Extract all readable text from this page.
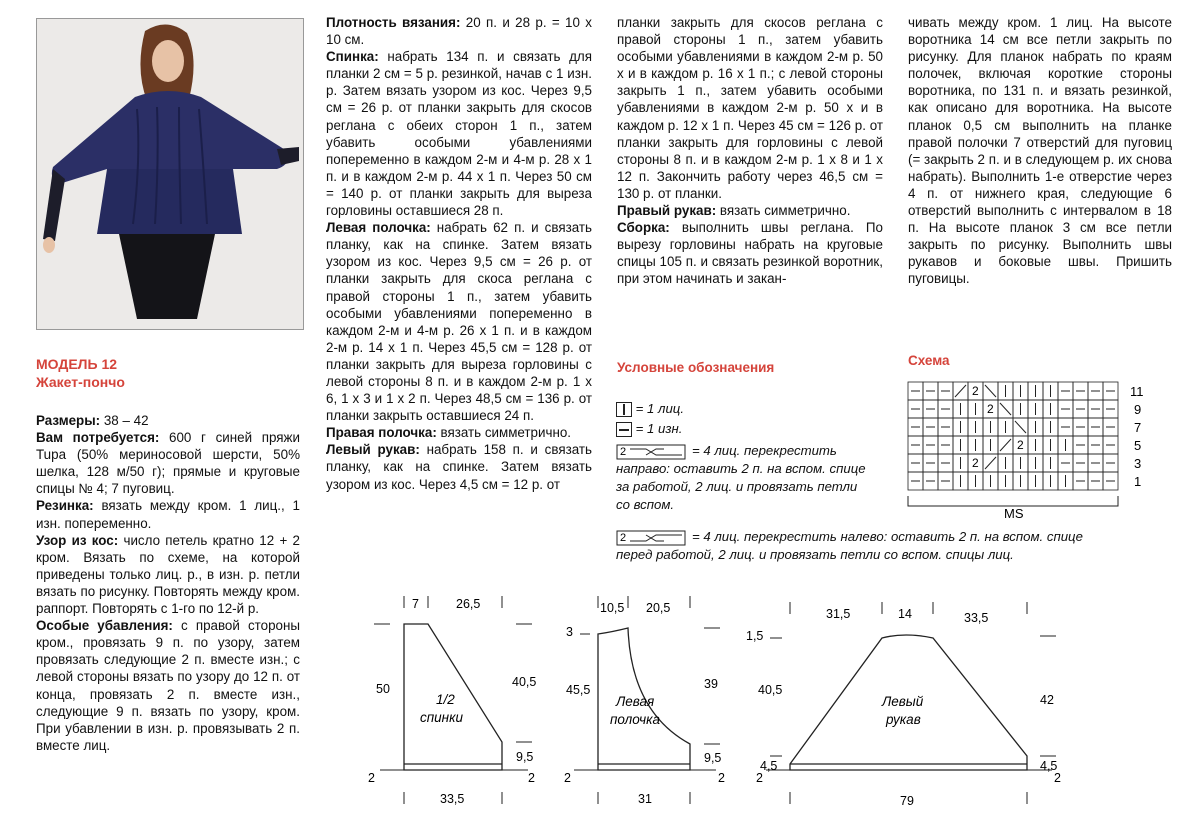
МОДЕЛЬ 12
Жакет-пончо

Размеры: 38 – 42

Вам потребуется: 600 г синей пряжи Tupa (50% мериносовой шерсти, 50% шелка, 128 м/50 г); прямые и круговые спицы № 4; 7 пуговиц.

Резинка: вязать между кром. 1 лиц., 1 изн. попеременно.

Узор из кос: число петель кратно 12 + 2 кром. Вязать по схеме, на которой приведены только лиц. р., в изн. р. петли вязать по рисунку. Повторять между кром. раппорт. Повторять с 1-го по 12-й р.

Особые убавления: с правой стороны кром., провязать 9 п. по узору, затем провязать следующие 2 п. вместе изн.; с левой стороны вязать по узору до 12 п. от конца, провязать 2 п. вместе изн., следующие 9 п. вязать по узору, кром. При убавлении в изн. р. провязывать 2 п. вместе лиц.

Плотность вязания: 20 п. и 28 р. = 10 х 10 см.

Спинка: набрать 134 п. и связать для планки 2 см = 5 р. резинкой, начав с 1 изн. р. Затем вязать узором из кос. Через 9,5 см = 26 р. от планки закрыть для скосов реглана с обеих сторон 1 п., затем убавить особыми убавлениями попеременно в каждом 2-м и 4-м р. 28 х 1 п. и в каждом 2-м р. 44 х 1 п. Через 50 см = 140 р. от планки закрыть для выреза горловины оставшиеся 28 п.

Левая полочка: набрать 62 п. и связать планку, как на спинке. Затем вязать узором из кос. Через 9,5 см = 26 р. от планки закрыть для скоса реглана с правой стороны 1 п., затем убавить особыми убавлениями попеременно в каждом 2-м и 4-м р. 26 х 1 п. и в каждом 2-м р. 14 х 1 п. Через 45,5 см = 128 р. от планки закрыть для выреза горловины с левой стороны 8 п. и в каждом 2-м р. 1 х 6, 1 х 3 и 1 х 2 п. Через 48,5 см = 136 р. от планки закрыть оставшиеся 24 п.

Правая полочка: вязать симметрично.

Левый рукав: набрать 158 п. и связать планку, как на спинке. Затем вязать узором из кос. Через 4,5 см = 12 р. от

планки закрыть для скосов реглана с правой стороны 1 п., затем убавить особыми убавлениями в каждом 2-м р. 50 х и в каждом р. 16 х 1 п.; с левой стороны закрыть 1 п., затем убавить особыми убавлениями в каждом 2-м р. 50 х и в каждом р. 12 х 1 п. Через 45 см = 126 р. от планки закрыть для горловины с левой стороны 8 п. и в каждом 2-м р. 1 х 8 и 1 х 12 п. Закончить работу через 46,5 см = 130 р. от планки.

Правый рукав: вязать симметрично.

Сборка: выполнить швы реглана. По вырезу горловины набрать на круговые спицы 105 п. и связать резинкой воротник, при этом начинать и закан-

чивать между кром. 1 лиц. На высоте воротника 14 см все петли закрыть по рисунку. Для планок набрать по краям полочек, включая короткие стороны воротника, по 131 п. и вязать резинкой, как описано для воротника. На высоте планок 0,5 см выполнить на планке правой полочки 7 отверстий для пуговиц (= закрыть 2 п. и в следующем р. их снова набрать). Выполнить 1-е отверстие через 4 п. от нижнего края, следующие 6 отверстий выполнить с интервалом в 18 п. На высоте планок 3 см все петли закрыть по рисунку. Выполнить швы рукавов и боковые швы. Пришить пуговицы.

Условные обозначения
= 1 лиц.
= 1 изн.
2	= 4 лиц. перекрестить направо: оставить 2 п. на вспом. спице за работой, 2 лиц. и провязать петли со вспом.
2	= 4 лиц. перекрестить налево: оставить 2 п. на вспом. спице перед работой, 2 лиц. и провязать петли со вспом. спицы лиц.
Схема
2
2
2
2
11
9
7
5
3
1
MS
7	26,5
50	40,5
9,5
2	2
33,5
1/2
спинки
10,5 20,5
3
45,5	39
9,5
2	2
31
Левая
полочка
31,5	14	33,5
1,5
40,5
42
4,5	4,5
2	2
79
Левый
рукав
